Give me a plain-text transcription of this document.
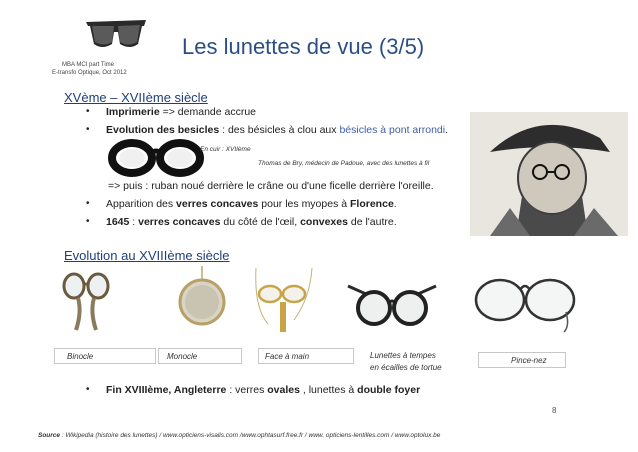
MBA MCI part Time
E-transfo Optique, Oct 2012
Les lunettes de vue (3/5)
XVème – XVIIème siècle
• Imprimerie => demande accrue
• Evolution des besicles : des bésicles à clou aux bésicles à pont arrondi.
En cuir : XVIIème
Thomas de Bry, médecin de Padoue, avec des lunettes à fil
=> puis : ruban noué derrière le crâne ou d'une ficelle derrière l'oreille.
• Apparition des verres concaves pour les myopes à Florence.
• 1645 : verres concaves du côté de l'œil, convexes de l'autre.
Evolution au XVIIIème siècle
Binocle	Monocle	Face à main	Lunettes à tempes
en écailles de tortue
Pince-nez
• Fin XVIIIème, Angleterre : verres ovales , lunettes à double foyer
8
Source : Wikipedia (histoire des lunettes) / www.opticiens-visalis.com /www.ophtasurf.free.fr / www. opticiens-lentilles.com / www.optolux.be
